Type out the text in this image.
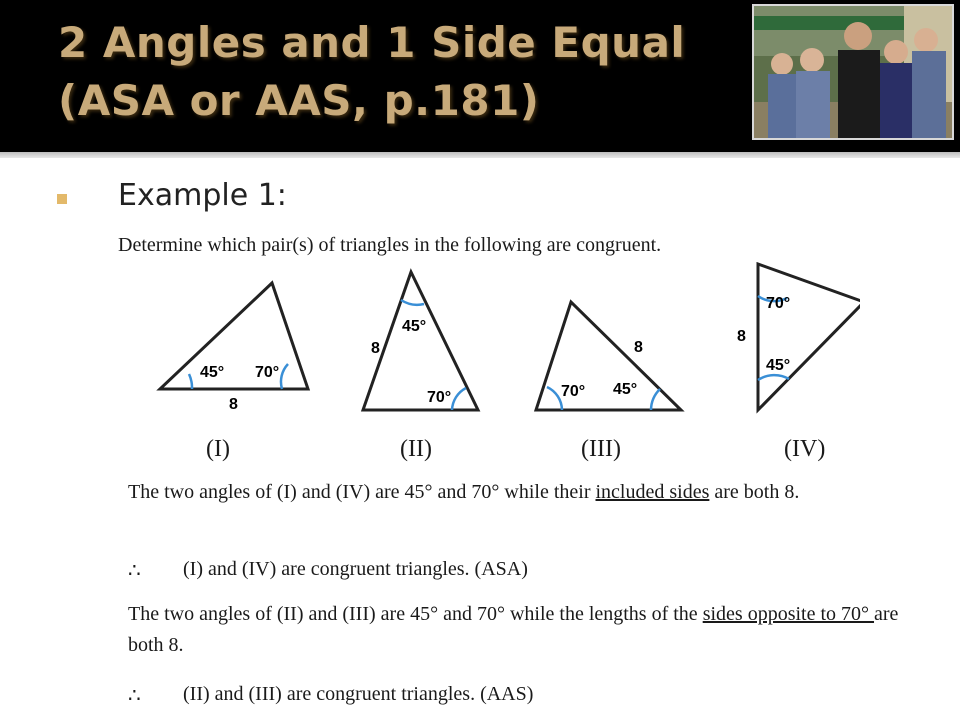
2 Angles and 1 Side Equal
(ASA or AAS, p.181)
Example 1:
Determine which pair(s) of triangles in the following are congruent.
45° 70°
8
45°
70°
8
70° 45°
8
70°
45°
8
(I)	(II)	(III)	(IV)
The two angles of (I) and (IV) are 45° and 70° while their included sides are both 8.
∴ (I) and (IV) are congruent triangles. (ASA)
The two angles of (II) and (III) are 45° and 70° while the lengths of the sides opposite to 70° are both 8.
∴ (II) and (III) are congruent triangles. (AAS)
